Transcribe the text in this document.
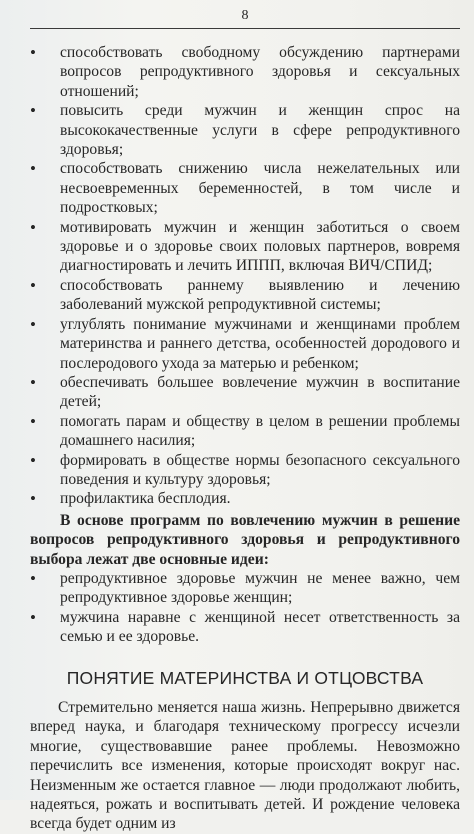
8
• способствовать свободному обсуждению партнерами вопросов репродуктивного здоровья и сексуальных отношений;
• повысить среди мужчин и женщин спрос на высококачественные услуги в сфере репродуктивного здоровья;
• способствовать снижению числа нежелательных или несвоевременных беременностей, в том числе и подростковых;
• мотивировать мужчин и женщин заботиться о своем здоровье и о здоровье своих половых партнеров, вовремя диагностировать и лечить ИППП, включая ВИЧ/СПИД;
• способствовать раннему выявлению и лечению заболеваний мужской репродуктивной системы;
• углублять понимание мужчинами и женщинами проблем материнства и раннего детства, особенностей дородового и послеродового ухода за матерью и ребенком;
• обеспечивать большее вовлечение мужчин в воспитание детей;
• помогать парам и обществу в целом в решении проблемы домашнего насилия;
• формировать в обществе нормы безопасного сексуального поведения и культуру здоровья;
• профилактика бесплодия.

В основе программ по вовлечению мужчин в решение вопросов репродуктивного здоровья и репродуктивного выбора лежат две основные идеи:

• репродуктивное здоровье мужчин не менее важно, чем репродуктивное здоровье женщин;
• мужчина наравне с женщиной несет ответственность за семью и ее здоровье.
ПОНЯТИЕ МАТЕРИНСТВА И ОТЦОВСТВА

Стремительно меняется наша жизнь. Непрерывно движется вперед наука, и благодаря техническому прогрессу исчезли многие, существовавшие ранее проблемы. Невозможно перечислить все изменения, которые происходят вокруг нас. Неизменным же остается главное — люди продолжают любить, надеяться, рожать и воспитывать детей. И рождение человека всегда будет одним из
